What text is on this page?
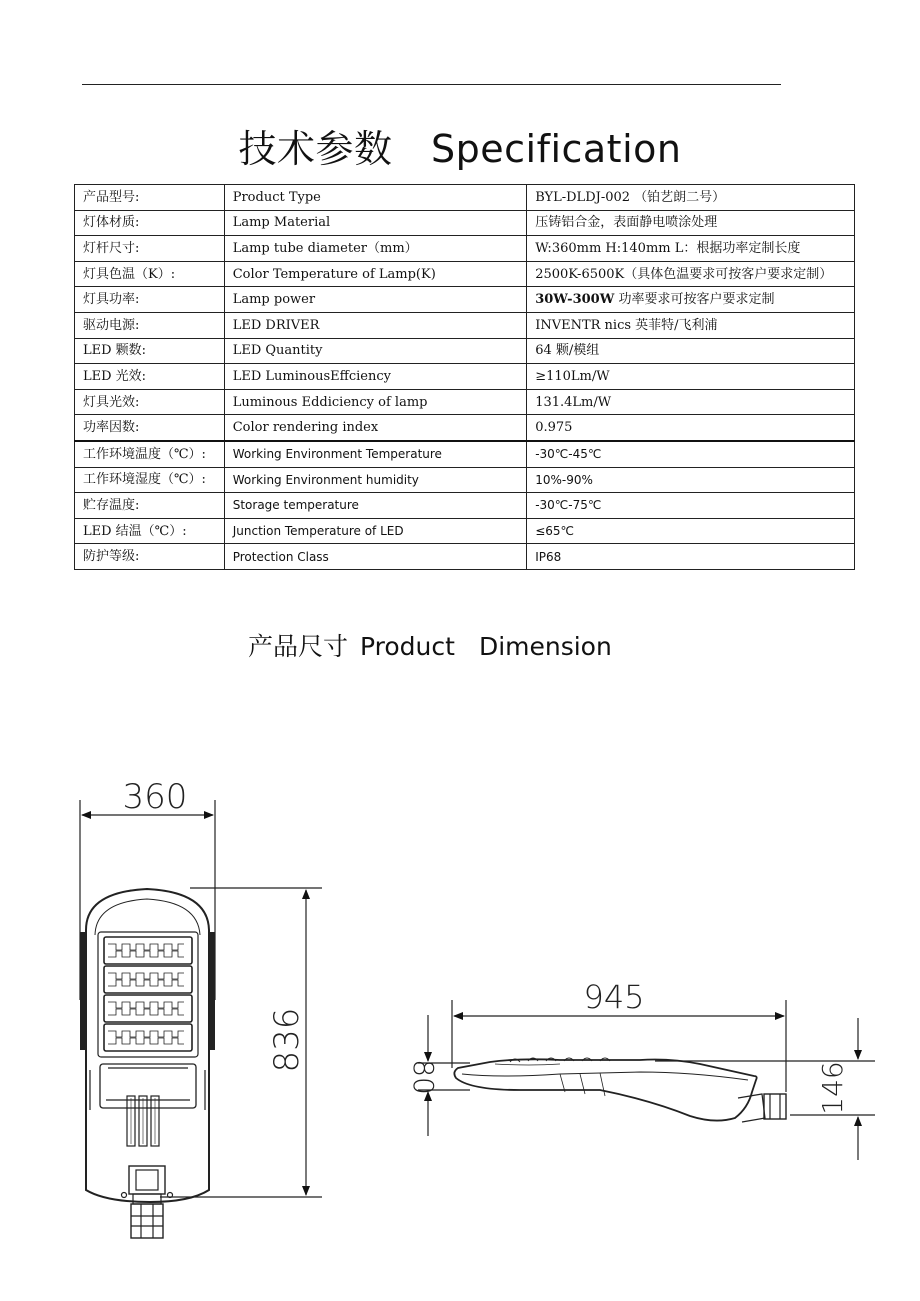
技术参数　Specification
产品型号:	Product Type	BYL-DLDJ-002 （铂艺朗二号）
灯体材质:	Lamp Material	压铸铝合金，表面静电喷涂处理
灯杆尺寸:	Lamp tube diameter（mm）	W:360mm H:140mm L：根据功率定制长度
灯具色温（K）:	Color Temperature of Lamp(K)	2500K-6500K（具体色温要求可按客户要求定制）
灯具功率:	Lamp power	30W-300W 功率要求可按客户要求定制
驱动电源:	LED DRIVER	INVENTR nics 英菲特/飞利浦
LED 颗数:	LED Quantity	64 颗/模组
LED 光效:	LED LuminousEffciency	≥110Lm/W
灯具光效:	Luminous Eddiciency of lamp	131.4Lm/W
功率因数:	Color rendering index	0.975
工作环境温度（℃）:	Working Environment Temperature	-30℃-45℃
工作环境湿度（℃）:	Working Environment humidity	10%-90%
贮存温度:	Storage temperature	-30℃-75℃
LED 结温（℃）:	Junction Temperature of LED	≤65℃
防护等级:	Protection Class	IP68
产品尺寸 Product Dimension
360
836
945
80	146
